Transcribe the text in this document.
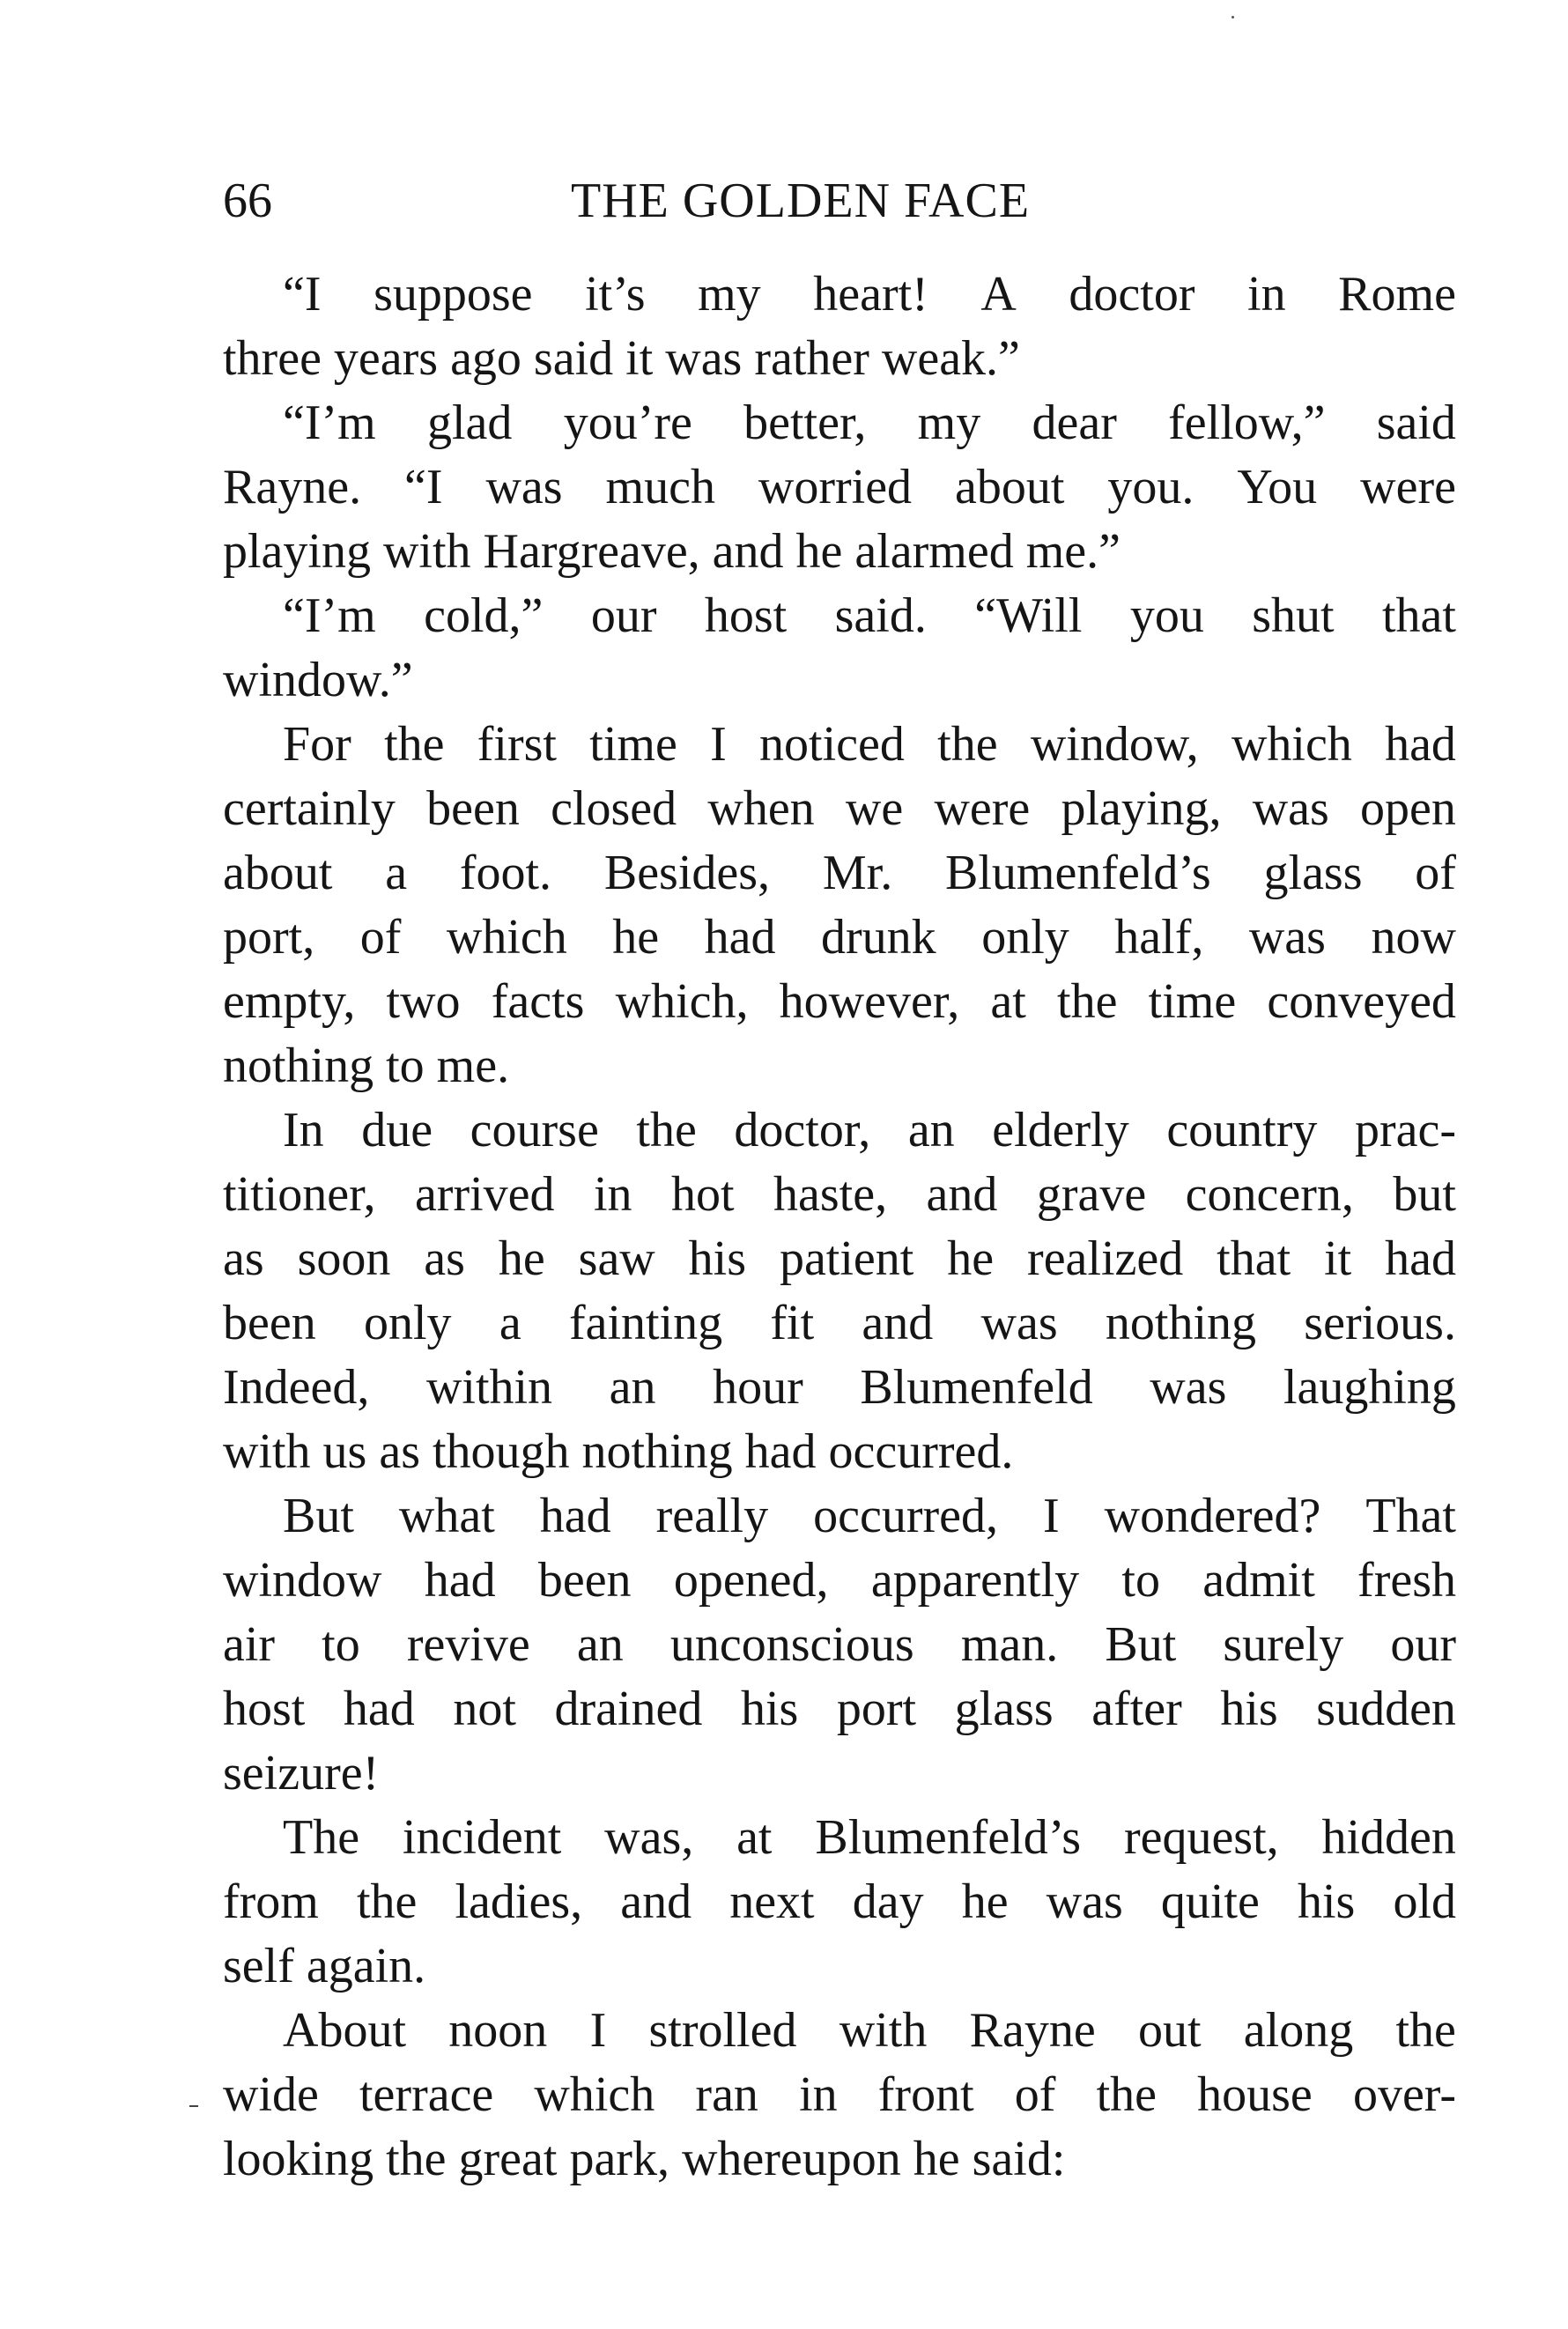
66	THE GOLDEN FACE
“I suppose it’s my heart! A doctor in Rome
three years ago said it was rather weak.”
“I’m glad you’re better, my dear fellow,” said
Rayne. “I was much worried about you. You were
playing with Hargreave, and he alarmed me.”
“I’m cold,” our host said. “Will you shut that
window.”
For the first time I noticed the window, which had
certainly been closed when we were playing, was open
about a foot. Besides, Mr. Blumenfeld’s glass of
port, of which he had drunk only half, was now
empty, two facts which, however, at the time conveyed
nothing to me.
In due course the doctor, an elderly country prac-
titioner, arrived in hot haste, and grave concern, but
as soon as he saw his patient he realized that it had
been only a fainting fit and was nothing serious.
Indeed, within an hour Blumenfeld was laughing
with us as though nothing had occurred.
But what had really occurred, I wondered? That
window had been opened, apparently to admit fresh
air to revive an unconscious man. But surely our
host had not drained his port glass after his sudden
seizure!
The incident was, at Blumenfeld’s request, hidden
from the ladies, and next day he was quite his old
self again.
About noon I strolled with Rayne out along the
wide terrace which ran in front of the house over-
looking the great park, whereupon he said:
